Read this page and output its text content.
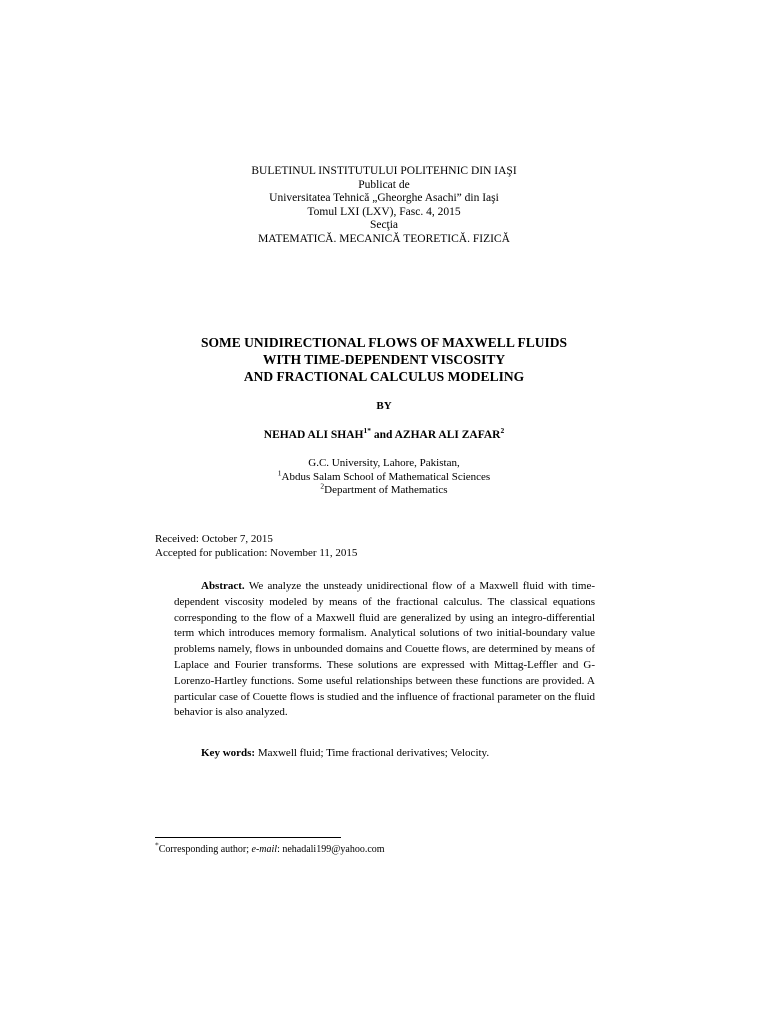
BULETINUL INSTITUTULUI POLITEHNIC DIN IAŞI
Publicat de
Universitatea Tehnică „Gheorghe Asachi” din Iaşi
Tomul LXI (LXV), Fasc. 4, 2015
Secţia
MATEMATICĂ. MECANICĂ TEORETICĂ. FIZICĂ
SOME UNIDIRECTIONAL FLOWS OF MAXWELL FLUIDS
WITH TIME-DEPENDENT VISCOSITY
AND FRACTIONAL CALCULUS MODELING
BY
NEHAD ALI $SHAH^{1*}$ and AZHAR ALI ZAFAR$^2$
G.C. University, Lahore, Pakistan,
$^1$Abdus Salam School of Mathematical Sciences
$^2$Department of Mathematics
Received: October 7, 2015
Accepted for publication: November 11, 2015

Abstract. We analyze the unsteady unidirectional flow of a Maxwell fluid with time-dependent viscosity modeled by means of the fractional calculus. The classical equations corresponding to the flow of a Maxwell fluid are generalized by using an integro-differential term which introduces memory formalism. Analytical solutions of two initial-boundary value problems namely, flows in unbounded domains and Couette flows, are determined by means of Laplace and Fourier transforms. These solutions are expressed with Mittag-Leffler and G-Lorenzo-Hartley functions. Some useful relationships between these functions are provided. A particular case of Couette flows is studied and the influence of fractional parameter on the fluid behavior is also analyzed.

Key words: Maxwell fluid; Time fractional derivatives; Velocity.
*Corresponding author; e-mail: nehadali199@yahoo.com
